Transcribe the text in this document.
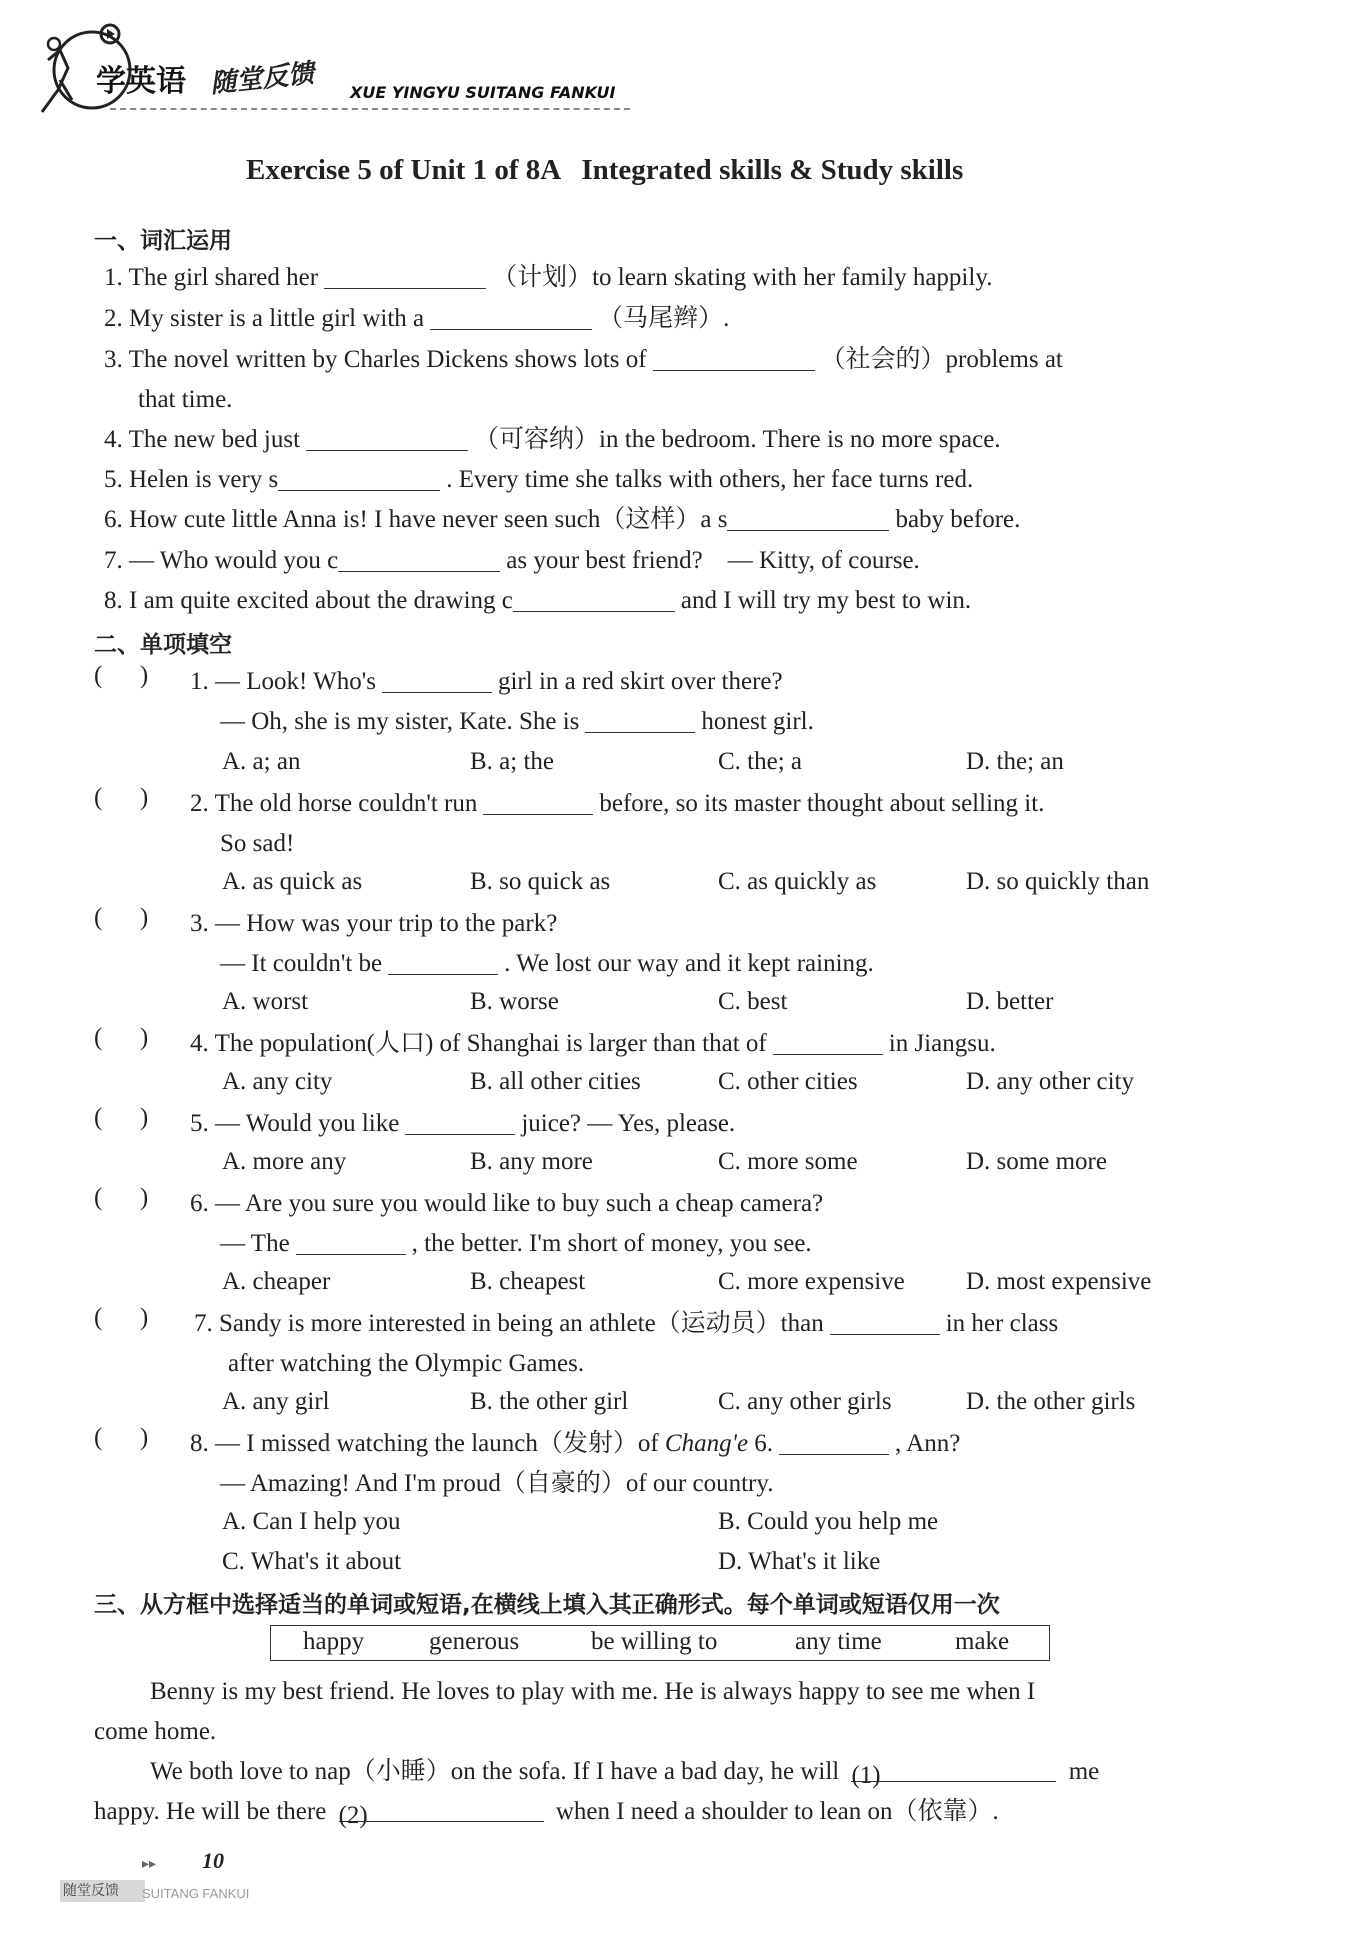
学英语 随堂反馈 XUE YINGYU SUITANG FANKUI
Exercise 5 of Unit 1 of 8A   Integrated skills & Study skills
一、词汇运用
1. The girl shared her	（计划）to learn skating with her family happily.
2. My sister is a little girl with a	（马尾辫）.
3. The novel written by Charles Dickens shows lots of	（社会的）problems at
that time.
4. The new bed just	（可容纳）in the bedroom. There is no more space.
5. Helen is very s	. Every time she talks with others, her face turns red.
6. How cute little Anna is! I have never seen such（这样）a s	baby before.
7. — Who would you c	as your best friend?    — Kitty, of course.
8. I am quite excited about the drawing c	and I will try my best to win.
二、单项填空
(      ) 1. — Look! Who's	girl in a red skirt over there?
— Oh, she is my sister, Kate. She is	honest girl.
A. a; an	B. a; the	C. the; a	D. the; an
(      ) 2. The old horse couldn't run	before, so its master thought about selling it.
So sad!
A. as quick as	B. so quick as	C. as quickly as	D. so quickly than
(      ) 3. — How was your trip to the park?
— It couldn't be	. We lost our way and it kept raining.
A. worst	B. worse	C. best	D. better
(      ) 4. The population(人口) of Shanghai is larger than that of	in Jiangsu.
A. any city	B. all other cities	C. other cities	D. any other city
(      ) 5. — Would you like	juice? — Yes, please.
A. more any	B. any more	C. more some	D. some more
(      ) 6. — Are you sure you would like to buy such a cheap camera?
— The	, the better. I'm short of money, you see.
A. cheaper	B. cheapest	C. more expensive D. most expensive
(      ) 7. Sandy is more interested in being an athlete（运动员）than	in her class
after watching the Olympic Games.
A. any girl	B. the other girl	C. any other girls	D. the other girls
(      ) 8. — I missed watching the launch（发射）of Chang'e 6.	, Ann?
— Amazing! And I'm proud（自豪的）of our country.
A. Can I help you	B. Could you help me
C. What's it about	D. What's it like
三、从方框中选择适当的单词或短语,在横线上填入其正确形式。每个单词或短语仅用一次
happy	generous	be willing to	any time	make
Benny is my best friend. He loves to play with me. He is always happy to see me when I
come home.
We both love to nap（小睡）on the sofa. If I have a bad day, he will (1)	me
happy. He will be there (2)	when I need a shoulder to lean on（依靠）.
▸▸ 10
随堂反馈	SUITANG FANKUI
